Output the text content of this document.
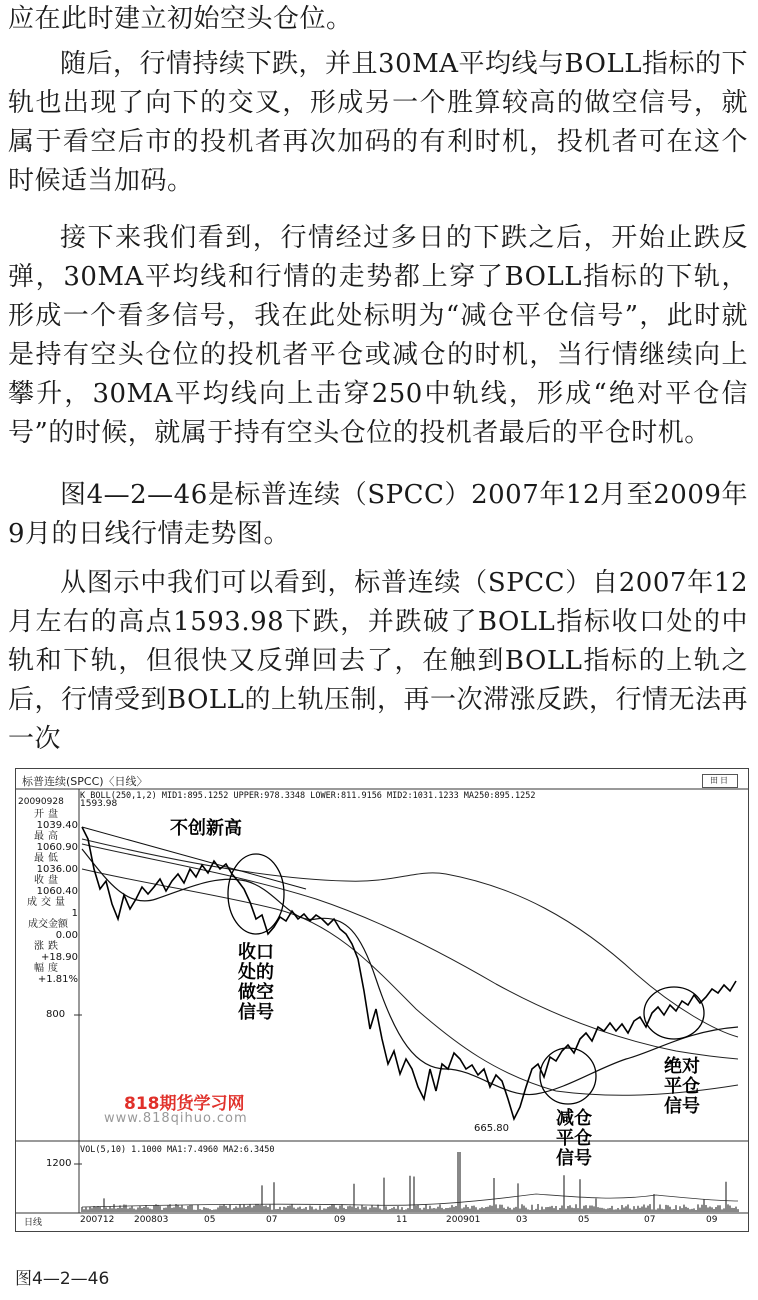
应在此时建立初始空头仓位。

随后，行情持续下跌，并且30MA平均线与BOLL指标的下轨也出现了向下的交叉，形成另一个胜算较高的做空信号，就属于看空后市的投机者再次加码的有利时机，投机者可在这个时候适当加码。

接下来我们看到，行情经过多日的下跌之后，开始止跌反弹，30MA平均线和行情的走势都上穿了BOLL指标的下轨，形成一个看多信号，我在此处标明为“减仓平仓信号”，此时就是持有空头仓位的投机者平仓或减仓的时机，当行情继续向上攀升，30MA平均线向上击穿250中轨线，形成“绝对平仓信号”的时候，就属于持有空头仓位的投机者最后的平仓时机。

图4—2—46是标普连续（SPCC）2007年12月至2009年9月的日线行情走势图。

从图示中我们可以看到，标普连续（SPCC）自2007年12月左右的高点1593.98下跌，并跌破了BOLL指标收口处的中轨和下轨，但很快又反弹回去了，在触到BOLL指标的上轨之后，行情受到BOLL的上轨压制，再一次滞涨反跌，行情无法再一次

标普连续(SPCC)〈日线〉	田日
K BOLL(250,1,2) MID1:895.1252 UPPER:978.3348 LOWER:811.9156 MID2:1031.1233 MA250:895.1252
开盘
1039.40
最高
1060.90
最低
1036.00
收盘
1060.40
成交量
1
成交金额
0.00
涨跌
+18.90
幅度
+1.81%
20090928 1593.98
800
665.80
不创新高
收口
处的
做空
信号
减仓
平仓
信号
绝对
平仓
信号
818期货学习网
www.818qihuo.com
VOL(5,10) 1.1000 MA1:7.4960 MA2:6.3450
1200
日线	200712 200803	05	07	09	11	200901	03	05	07	09
图4—2—46
